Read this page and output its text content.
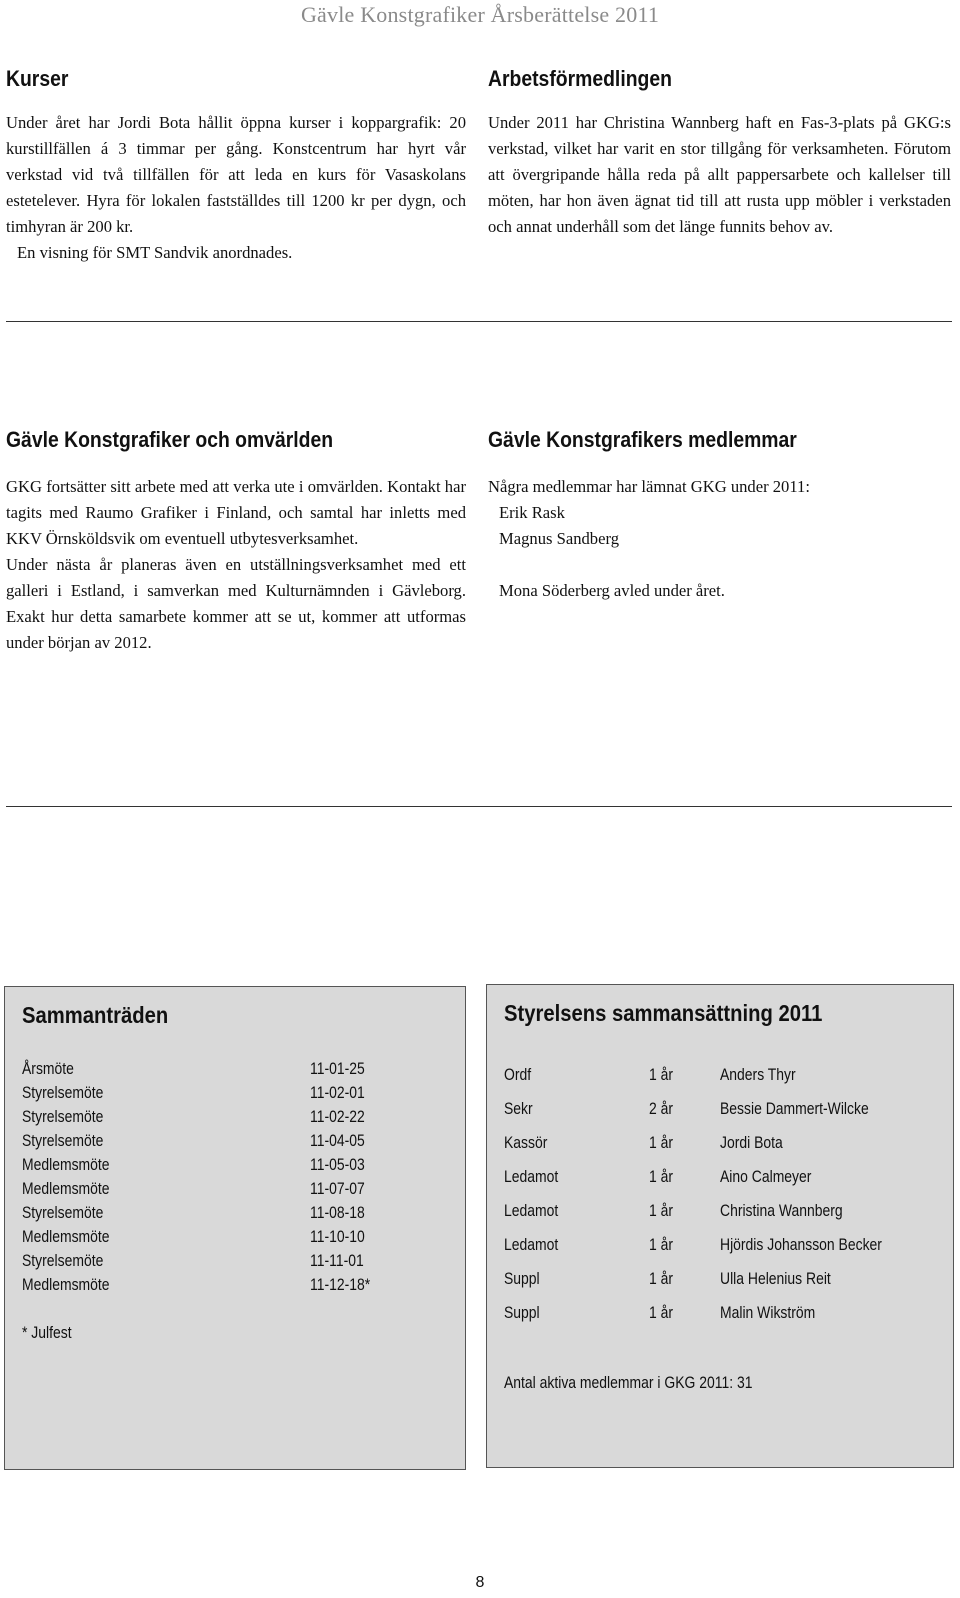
Gävle Konstgrafiker Årsberättelse 2011
Kurser

Under året har Jordi Bota hållit öppna kurser i koppargrafik: 20 kurstillfällen á 3 timmar per gång. Konstcentrum har hyrt vår verkstad vid två tillfällen för att leda en kurs för Vasaskolans estetelever. Hyra för lokalen fastställdes till 1200 kr per dygn, och timhyran är 200 kr.

En visning för SMT Sandvik anordnades.

Arbetsförmedlingen

Under 2011 har Christina Wannberg haft en Fas-3-plats på GKG:s verkstad, vilket har varit en stor tillgång för verksamheten. Förutom att övergripande hålla reda på allt pappersarbete och kallelser till möten, har hon även ägnat tid till att rusta upp möbler i verkstaden och annat underhåll som det länge funnits behov av.

Gävle Konstgrafiker och omvärlden

GKG fortsätter sitt arbete med att verka ute i omvärlden. Kontakt har tagits med Raumo Grafiker i Finland, och samtal har inletts med KKV Örnsköldsvik om eventuell utbytesverksamhet.

Under nästa år planeras även en utställningsverksamhet med ett galleri i Estland, i samverkan med Kulturnämnden i Gävleborg. Exakt hur detta samarbete kommer att se ut, kommer att utformas under början av 2012.

Gävle Konstgrafikers medlemmar

Några medlemmar har lämnat GKG under 2011:

Erik Rask

Magnus Sandberg

Mona Söderberg avled under året.

Sammanträden
Årsmöte	11-01-25
Styrelsemöte	11-02-01
Styrelsemöte	11-02-22
Styrelsemöte	11-04-05
Medlemsmöte	11-05-03
Medlemsmöte	11-07-07
Styrelsemöte	11-08-18
Medlemsmöte	11-10-10
Styrelsemöte	11-11-01
Medlemsmöte	11-12-18*
* Julfest
Styrelsens sammansättning 2011
Ordf	1 år	Anders Thyr
Sekr	2 år	Bessie Dammert-Wilcke
Kassör	1 år	Jordi Bota
Ledamot	1 år	Aino Calmeyer
Ledamot	1 år	Christina Wannberg
Ledamot	1 år	Hjördis Johansson Becker
Suppl	1 år	Ulla Helenius Reit
Suppl	1 år	Malin Wikström
Antal aktiva medlemmar i GKG 2011: 31
8
